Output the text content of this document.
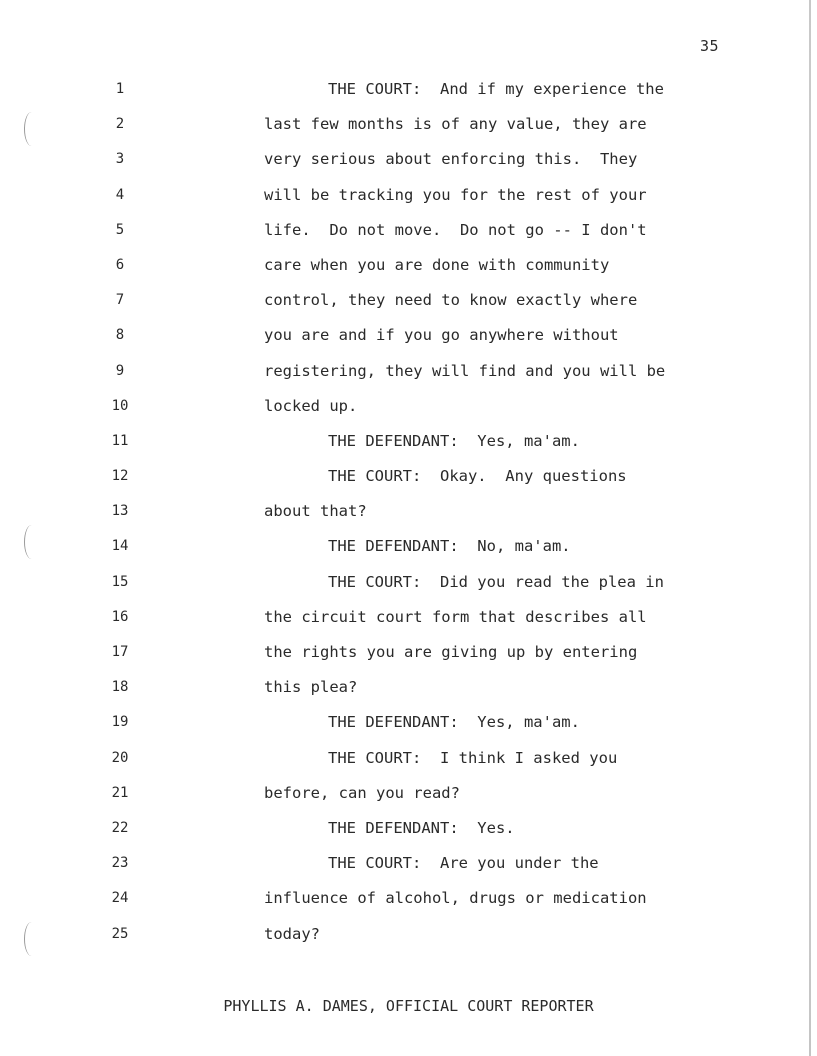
35
1	THE COURT:  And if my experience the
2	last few months is of any value, they are
3	very serious about enforcing this.  They
4	will be tracking you for the rest of your
5	life.  Do not move.  Do not go -- I don't
6	care when you are done with community
7	control, they need to know exactly where
8	you are and if you go anywhere without
9	registering, they will find and you will be
10	locked up.
11	THE DEFENDANT:  Yes, ma'am.
12	THE COURT:  Okay.  Any questions
13	about that?
14	THE DEFENDANT:  No, ma'am.
15	THE COURT:  Did you read the plea in
16	the circuit court form that describes all
17	the rights you are giving up by entering
18	this plea?
19	THE DEFENDANT:  Yes, ma'am.
20	THE COURT:  I think I asked you
21	before, can you read?
22	THE DEFENDANT:  Yes.
23	THE COURT:  Are you under the
24	influence of alcohol, drugs or medication
25	today?
PHYLLIS A. DAMES, OFFICIAL COURT REPORTER
